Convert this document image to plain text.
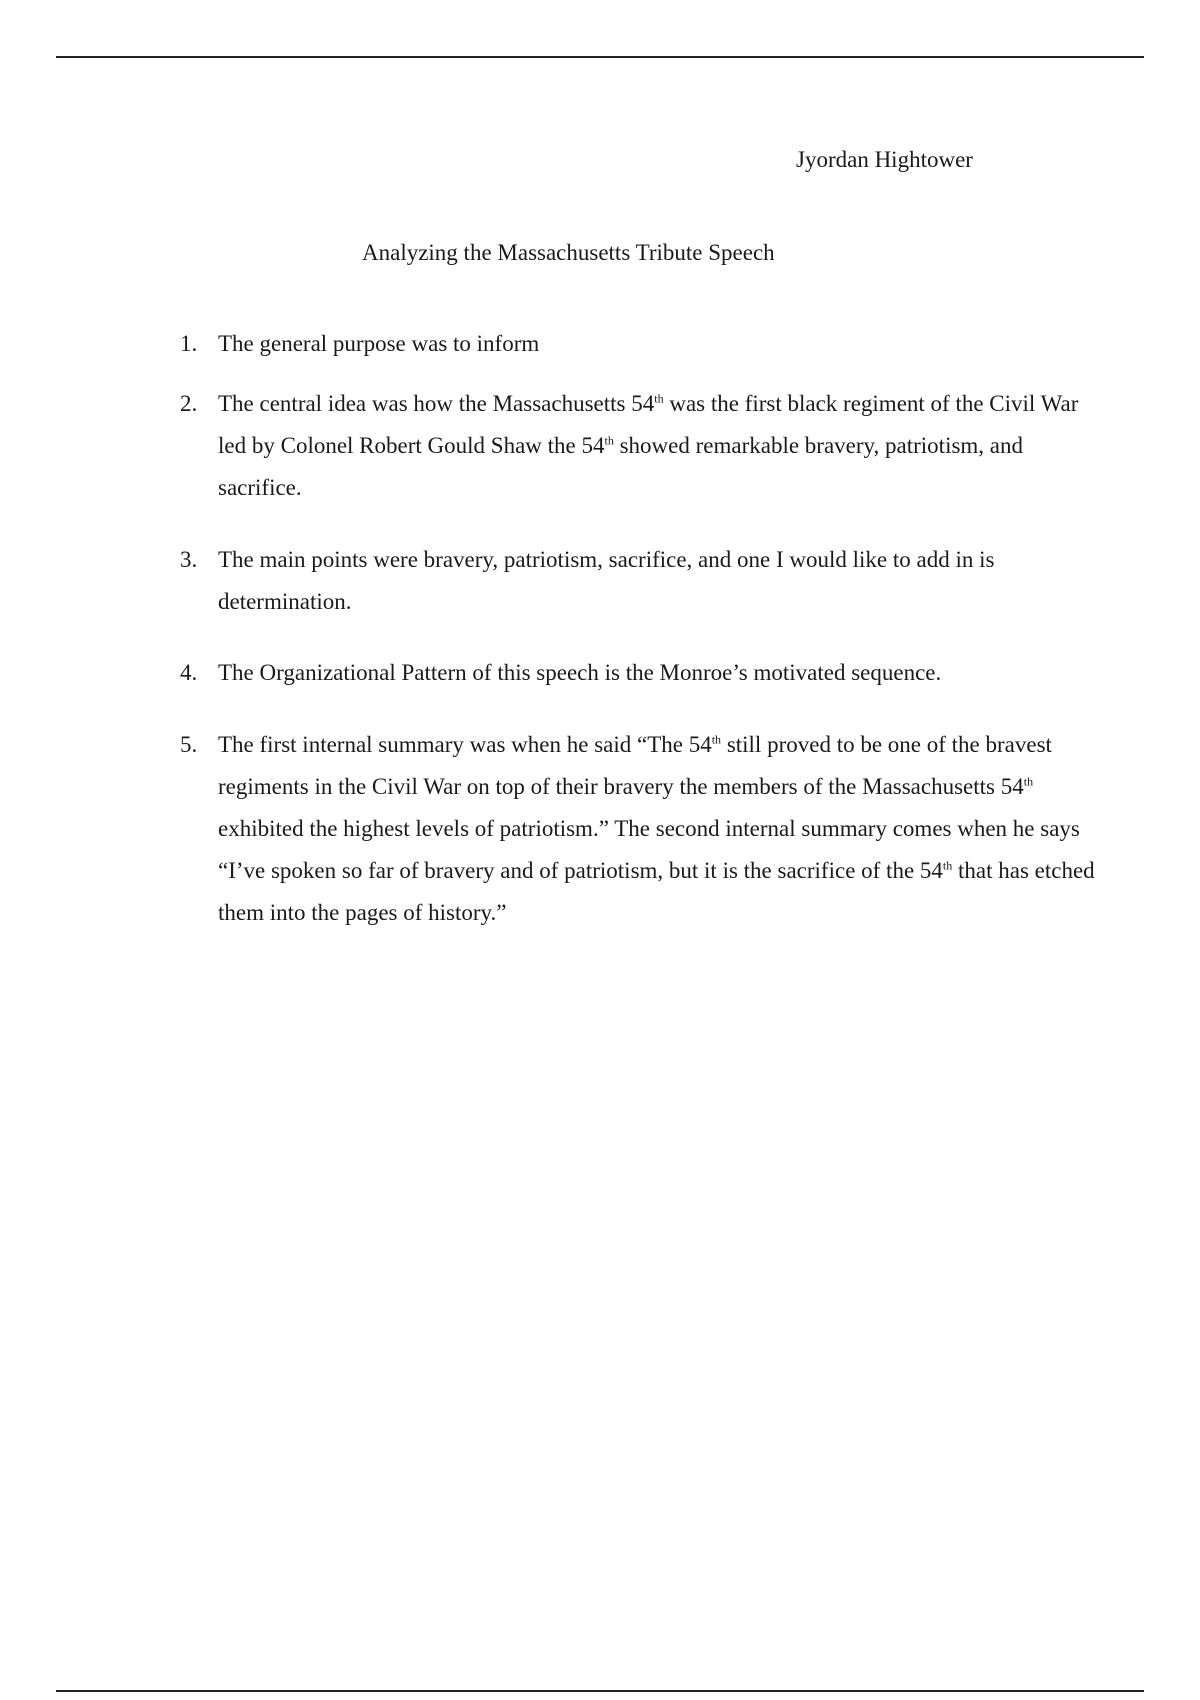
Jyordan Hightower
Analyzing the Massachusetts Tribute Speech
1. The general purpose was to inform
2. The central idea was how the Massachusetts 54th was the first black regiment of the Civil War led by Colonel Robert Gould Shaw the 54th showed remarkable bravery, patriotism, and sacrifice.
3. The main points were bravery, patriotism, sacrifice, and one I would like to add in is determination.
4. The Organizational Pattern of this speech is the Monroe’s motivated sequence.
5. The first internal summary was when he said “The 54th still proved to be one of the bravest regiments in the Civil War on top of their bravery the members of the Massachusetts 54th exhibited the highest levels of patriotism.” The second internal summary comes when he says “I’ve spoken so far of bravery and of patriotism, but it is the sacrifice of the 54th that has etched them into the pages of history.”
